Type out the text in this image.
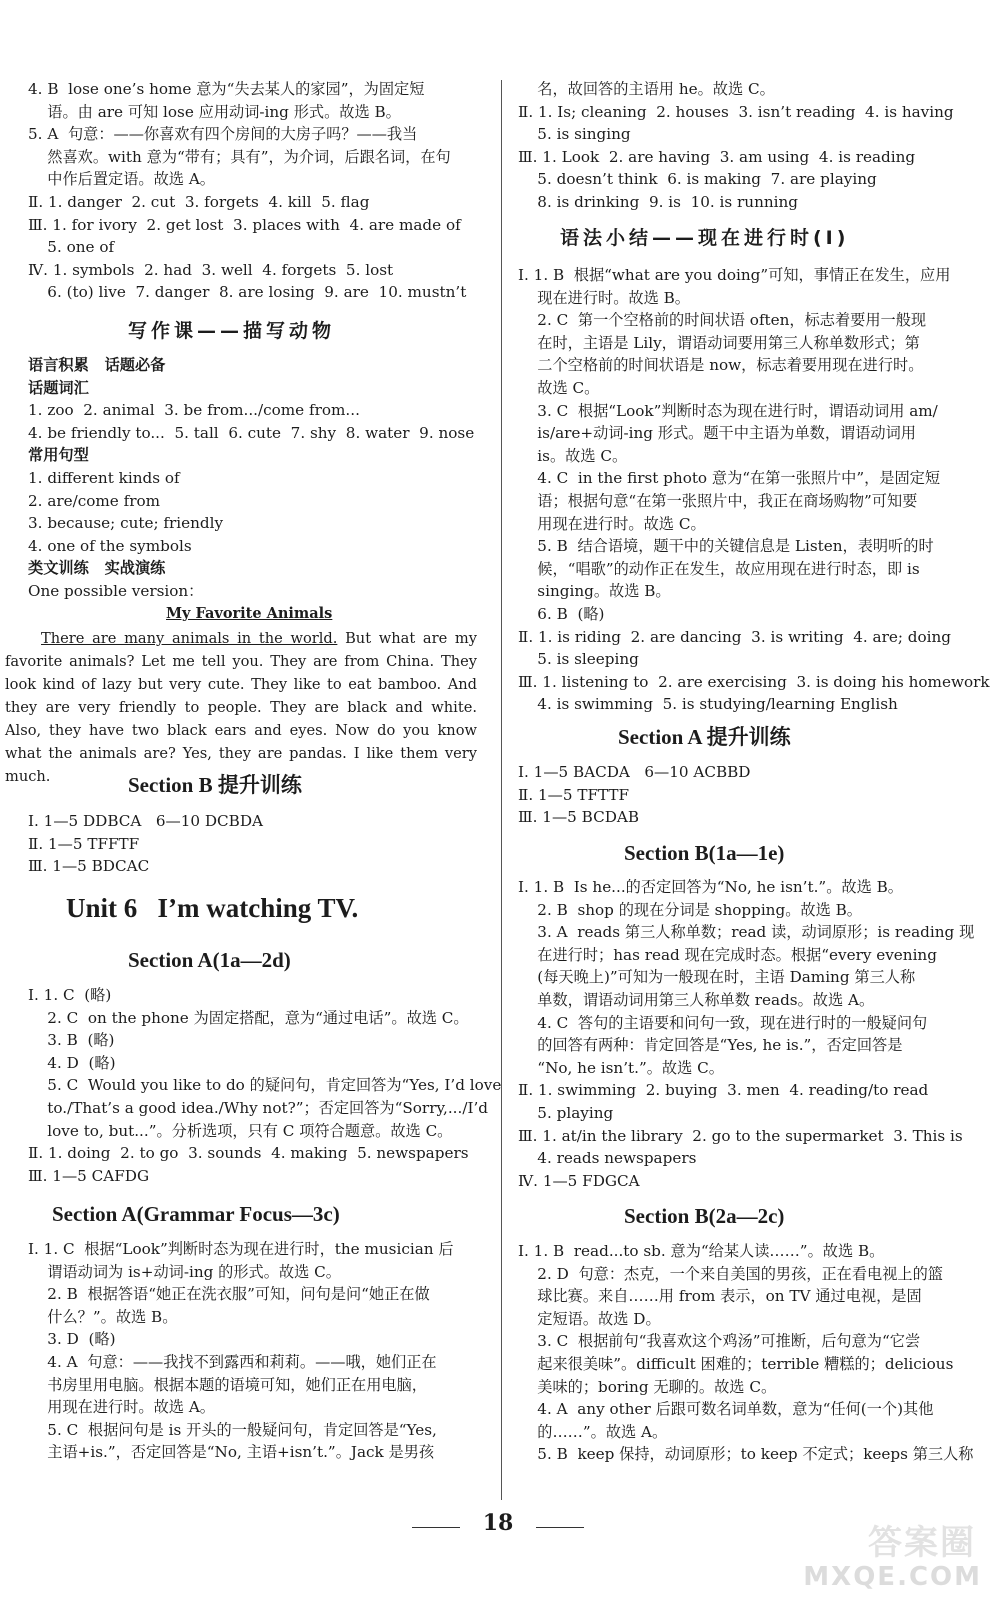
4. B  lose one’s home 意为“失去某人的家园”，为固定短
语。由 are 可知 lose 应用动词-ing 形式。故选 B。
5. A  句意：——你喜欢有四个房间的大房子吗？——我当
然喜欢。with 意为“带有；具有”，为介词，后跟名词，在句
中作后置定语。故选 A。
Ⅱ. 1. danger  2. cut  3. forgets  4. kill  5. flag
Ⅲ. 1. for ivory  2. get lost  3. places with  4. are made of
5. one of
Ⅳ. 1. symbols  2. had  3. well  4. forgets  5. lost
6. (to) live  7. danger  8. are losing  9. are  10. mustn’t
写作课——描写动物
语言积累   话题必备
话题词汇
1. zoo  2. animal  3. be from.../come from...
4. be friendly to...  5. tall  6. cute  7. shy  8. water  9. nose
常用句型
1. different kinds of
2. are/come from
3. because; cute; friendly
4. one of the symbols
类文训练   实战演练
One possible version：
My Favorite Animals
There are many animals in the world. But what are my favorite animals? Let me tell you. They are from China. They look kind of lazy but very cute. They like to eat bamboo. And they are very friendly to people. They are black and white. Also, they have two black ears and eyes. Now do you know what the animals are? Yes, they are pandas. I like them very much.	Section B 提升训练
Ⅰ. 1—5 DDBCA   6—10 DCBDA
Ⅱ. 1—5 TFFTF
Ⅲ. 1—5 BDCAC
Unit 6   I’m watching TV.
Section A(1a—2d)
Ⅰ. 1. C  (略)
2. C  on the phone 为固定搭配，意为“通过电话”。故选 C。
3. B  (略)
4. D  (略)
5. C  Would you like to do 的疑问句，肯定回答为“Yes, I’d love
to./That’s a good idea./Why not?”；否定回答为“Sorry,.../I’d
love to, but...”。分析选项，只有 C 项符合题意。故选 C。
Ⅱ. 1. doing  2. to go  3. sounds  4. making  5. newspapers
Ⅲ. 1—5 CAFDG
Section A(Grammar Focus—3c)
Ⅰ. 1. C  根据“Look”判断时态为现在进行时，the musician 后
谓语动词为 is+动词-ing 的形式。故选 C。
2. B  根据答语“她正在洗衣服”可知，问句是问“她正在做
什么？”。故选 B。
3. D  (略)
4. A  句意：——我找不到露西和莉莉。——哦，她们正在
书房里用电脑。根据本题的语境可知，她们正在用电脑，
用现在进行时。故选 A。
5. C  根据问句是 is 开头的一般疑问句，肯定回答是“Yes,
主语+is.”，否定回答是“No, 主语+isn’t.”。Jack 是男孩
名，故回答的主语用 he。故选 C。
Ⅱ. 1. Is; cleaning  2. houses  3. isn’t reading  4. is having
5. is singing
Ⅲ. 1. Look  2. are having  3. am using  4. is reading
5. doesn’t think  6. is making  7. are playing
8. is drinking  9. is  10. is running
语法小结——现在进行时(Ⅰ)
Ⅰ. 1. B  根据“what are you doing”可知，事情正在发生，应用
现在进行时。故选 B。
2. C  第一个空格前的时间状语 often，标志着要用一般现
在时，主语是 Lily，谓语动词要用第三人称单数形式；第
二个空格前的时间状语是 now，标志着要用现在进行时。
故选 C。
3. C  根据“Look”判断时态为现在进行时，谓语动词用 am/
is/are+动词-ing 形式。题干中主语为单数，谓语动词用
is。故选 C。
4. C  in the first photo 意为“在第一张照片中”，是固定短
语；根据句意“在第一张照片中，我正在商场购物”可知要
用现在进行时。故选 C。
5. B  结合语境，题干中的关键信息是 Listen，表明听的时
候，“唱歌”的动作正在发生，故应用现在进行时态，即 is
singing。故选 B。
6. B  (略)
Ⅱ. 1. is riding  2. are dancing  3. is writing  4. are; doing
5. is sleeping
Ⅲ. 1. listening to  2. are exercising  3. is doing his homework
4. is swimming  5. is studying/learning English
Section A 提升训练
Ⅰ. 1—5 BACDA   6—10 ACBBD
Ⅱ. 1—5 TFTTF
Ⅲ. 1—5 BCDAB
Section B(1a—1e)
Ⅰ. 1. B  Is he...的否定回答为“No, he isn’t.”。故选 B。
2. B  shop 的现在分词是 shopping。故选 B。
3. A  reads 第三人称单数；read 读，动词原形；is reading 现
在进行时；has read 现在完成时态。根据“every evening
(每天晚上)”可知为一般现在时，主语 Daming 第三人称
单数，谓语动词用第三人称单数 reads。故选 A。
4. C  答句的主语要和问句一致，现在进行时的一般疑问句
的回答有两种：肯定回答是“Yes, he is.”，否定回答是
“No, he isn’t.”。故选 C。
Ⅱ. 1. swimming  2. buying  3. men  4. reading/to read
5. playing
Ⅲ. 1. at/in the library  2. go to the supermarket  3. This is
4. reads newspapers
Ⅳ. 1—5 FDGCA
Section B(2a—2c)
Ⅰ. 1. B  read...to sb. 意为“给某人读……”。故选 B。
2. D  句意：杰克，一个来自美国的男孩，正在看电视上的篮
球比赛。来自……用 from 表示，on TV 通过电视，是固
定短语。故选 D。
3. C  根据前句“我喜欢这个鸡汤”可推断，后句意为“它尝
起来很美味”。difficult 困难的；terrible 糟糕的；delicious
美味的；boring 无聊的。故选 C。
4. A  any other 后跟可数名词单数，意为“任何(一个)其他
的……”。故选 A。
5. B  keep 保持，动词原形；to keep 不定式；keeps 第三人称
18	答案圈
MXQE.COM
